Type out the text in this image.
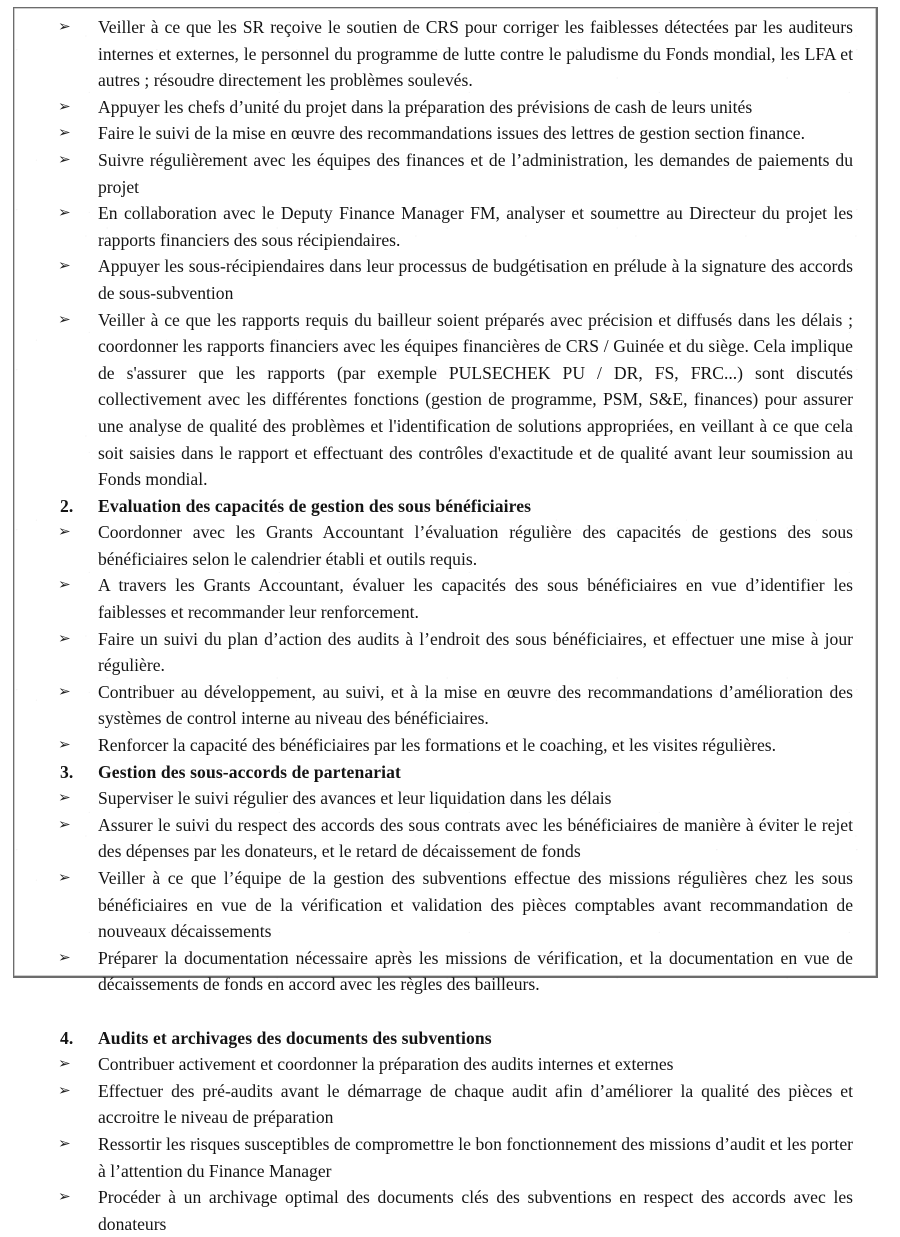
➢	Veiller à ce que les SR reçoive le soutien de CRS pour corriger les faiblesses détectées par les auditeurs internes et externes, le personnel du programme de lutte contre le paludisme du Fonds mondial, les LFA et autres ; résoudre directement les problèmes soulevés.
➢	Appuyer les chefs d’unité du projet dans la préparation des prévisions de cash de leurs unités
➢	Faire le suivi de la mise en œuvre des recommandations issues des lettres de gestion section finance.
➢	Suivre régulièrement avec les équipes des finances et de l’administration, les demandes de paiements du projet
➢	En collaboration avec le Deputy Finance Manager FM, analyser et soumettre au Directeur du projet les rapports financiers des sous récipiendaires.
➢	Appuyer les sous-récipiendaires dans leur processus de budgétisation en prélude à la signature des accords de sous-subvention
➢	Veiller à ce que les rapports requis du bailleur soient préparés avec précision et diffusés dans les délais ; coordonner les rapports financiers avec les équipes financières de CRS / Guinée et du siège. Cela implique de s'assurer que les rapports (par exemple PULSECHEK PU / DR, FS, FRC...) sont discutés collectivement avec les différentes fonctions (gestion de programme, PSM, S&E, finances) pour assurer une analyse de qualité des problèmes et l'identification de solutions appropriées, en veillant à ce que cela soit saisies dans le rapport et effectuant des contrôles d'exactitude et de qualité avant leur soumission au Fonds mondial.
2.	Evaluation des capacités de gestion des sous bénéficiaires
➢	Coordonner avec les Grants Accountant l’évaluation régulière des capacités de gestions des sous bénéficiaires selon le calendrier établi et outils requis.
➢	A travers les Grants Accountant, évaluer les capacités des sous bénéficiaires en vue d’identifier les faiblesses et recommander leur renforcement.
➢	Faire un suivi du plan d’action des audits à l’endroit des sous bénéficiaires, et effectuer une mise à jour régulière.
➢	Contribuer au développement, au suivi, et à la mise en œuvre des recommandations d’amélioration des systèmes de control interne au niveau des bénéficiaires.
➢	Renforcer la capacité des bénéficiaires par les formations et le coaching, et les visites régulières.
3.	Gestion des sous-accords de partenariat
➢	Superviser le suivi régulier des avances et leur liquidation dans les délais
➢	Assurer le suivi du respect des accords des sous contrats avec les bénéficiaires de manière à éviter le rejet des dépenses par les donateurs, et le retard de décaissement de fonds
➢	Veiller à ce que l’équipe de la gestion des subventions effectue des missions régulières chez les sous bénéficiaires en vue de la vérification et validation des pièces comptables avant recommandation de nouveaux décaissements
➢	Préparer la documentation nécessaire après les missions de vérification, et la documentation en vue de décaissements de fonds en accord avec les règles des bailleurs.
4.	Audits et archivages des documents des subventions
➢	Contribuer activement et coordonner la préparation des audits internes et externes
➢	Effectuer des pré-audits avant le démarrage de chaque audit afin d’améliorer la qualité des pièces et accroitre le niveau de préparation
➢	Ressortir les risques susceptibles de compromettre le bon fonctionnement des missions d’audit et les porter à l’attention du Finance Manager
➢	Procéder à un archivage optimal des documents clés des subventions en respect des accords avec les donateurs
